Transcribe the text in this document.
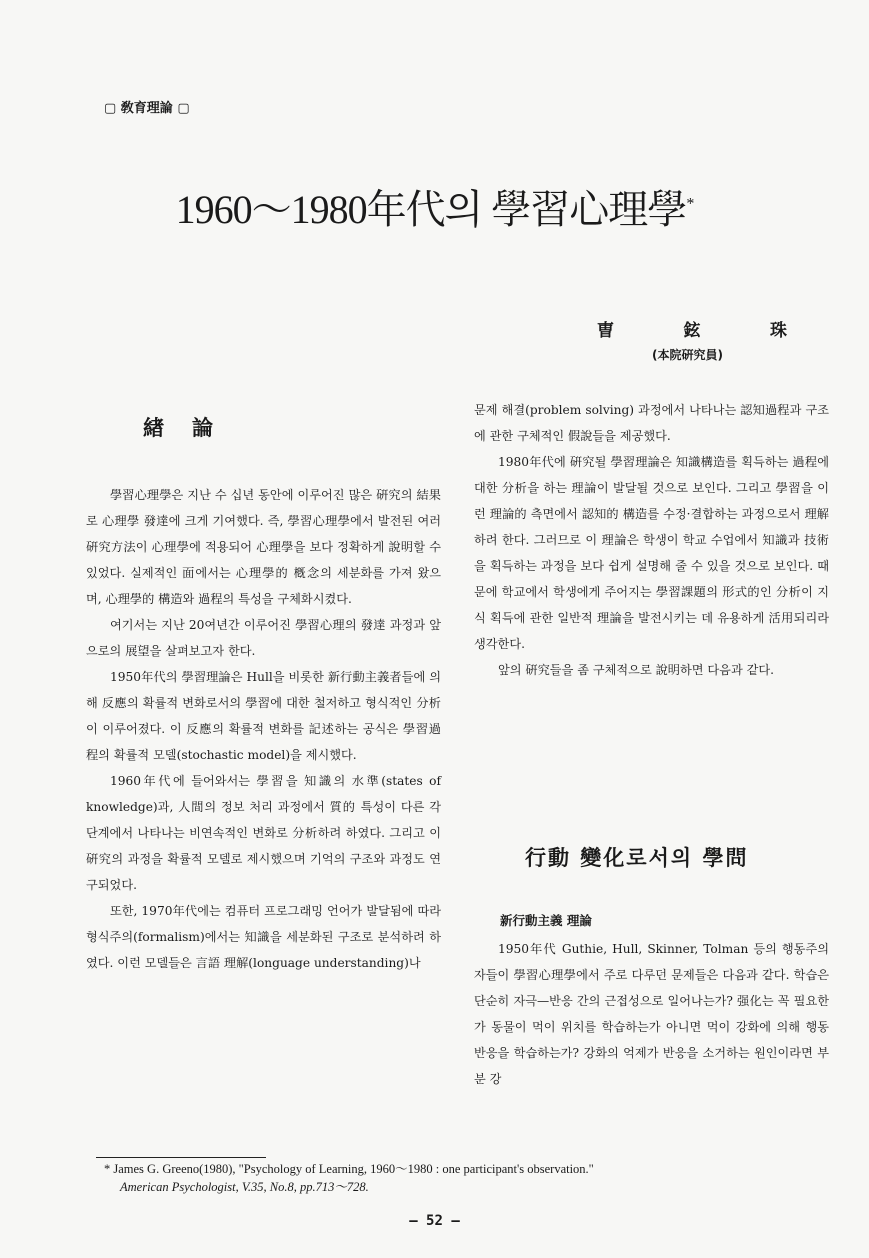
▢ 敎育理論 ▢
1960～1980年代의 學習心理學*
曺	鉉	珠
(本院硏究員)
緖論

學習心理學은 지난 수 십년 동안에 이루어진 많은 硏究의 結果로 心理學 發達에 크게 기여했다. 즉, 學習心理學에서 발전된 여러 硏究方法이 心理學에 적용되어 心理學을 보다 정확하게 說明할 수 있었다. 실제적인 面에서는 心理學的 槪念의 세분화를 가져 왔으며, 心理學的 構造와 過程의 특성을 구체화시켰다.

여기서는 지난 20여년간 이루어진 學習心理의 發達 과정과 앞으로의 展望을 살펴보고자 한다.

1950年代의 學習理論은 Hull을 비롯한 新行動主義者들에 의해 反應의 확률적 변화로서의 學習에 대한 철저하고 형식적인 分析이 이루어졌다. 이 反應의 확률적 변화를 記述하는 공식은 學習過程의 확률적 모델(stochastic model)을 제시했다.

1960年代에 들어와서는 學習을 知識의 水準(states of knowledge)과, 人間의 정보 처리 과정에서 質的 특성이 다른 각 단계에서 나타나는 비연속적인 변화로 分析하려 하였다. 그리고 이 硏究의 과정을 확률적 모델로 제시했으며 기억의 구조와 과정도 연구되었다.

또한, 1970年代에는 컴퓨터 프로그래밍 언어가 발달됨에 따라 형식주의(formalism)에서는 知識을 세분화된 구조로 분석하려 하였다. 이런 모델들은 言語 理解(longuage understanding)나

문제 해결(problem solving) 과정에서 나타나는 認知過程과 구조에 관한 구체적인 假說들을 제공했다.

1980年代에 硏究될 學習理論은 知識構造를 획득하는 過程에 대한 分析을 하는 理論이 발달될 것으로 보인다. 그리고 學習을 이런 理論的 측면에서 認知的 構造를 수정·결합하는 과정으로서 理解하려 한다. 그러므로 이 理論은 학생이 학교 수업에서 知識과 技術을 획득하는 과정을 보다 쉽게 설명해 줄 수 있을 것으로 보인다. 때문에 학교에서 학생에게 주어지는 學習課題의 形式的인 分析이 지식 획득에 관한 일반적 理論을 발전시키는 데 유용하게 活用되리라 생각한다.

앞의 硏究들을 좀 구체적으로 說明하면 다음과 같다.

行動 變化로서의 學問
新行動主義 理論

1950年代 Guthie, Hull, Skinner, Tolman 등의 행동주의자들이 學習心理學에서 주로 다루던 문제들은 다음과 같다. 학습은 단순히 자극—반응 간의 근접성으로 일어나는가? 强化는 꼭 필요한가 동물이 먹이 위치를 학습하는가 아니면 먹이 강화에 의해 행동 반응을 학습하는가? 강화의 억제가 반응을 소거하는 원인이라면 부분 강

* James G. Greeno(1980), "Psychology of Learning, 1960～1980 : one participant's observation."
American Psychologist, V.35, No.8, pp.713～728.
— 52 —
